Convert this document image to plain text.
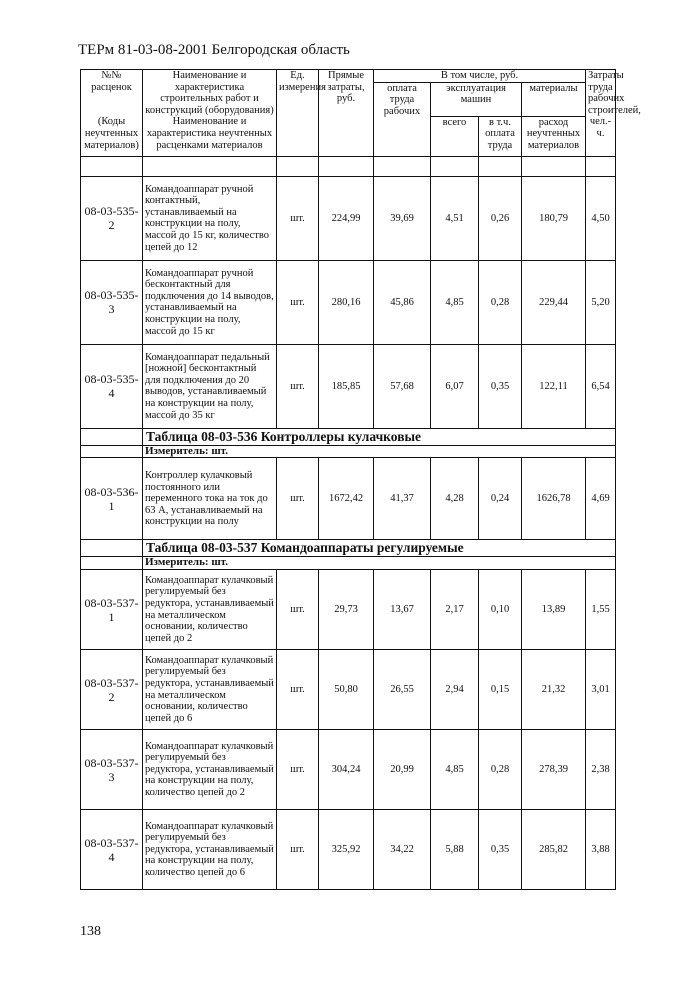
ТЕРм 81-03-08-2001 Белгородская область
№№ расценок	Наименование и характеристика строительных работ и конструкций (оборудования)	Ед. измерения	Прямые затраты, руб.	В том числе, руб.				Затраты труда рабочих строителей, чел.-ч.
				оплата труда рабочих	эксплуатация машин		материалы	
(Коды неучтенных материалов)	Наименование и характеристика неучтенных расценками материалов				всего	в т.ч. оплата труда	расход неучтенных материалов	

08-03-535-2	Командоаппарат ручной контактный, устанавливаемый на конструкции на полу, массой до 15 кг, количество цепей до 12	шт.	224,99	39,69	4,51	0,26	180,79	4,50
08-03-535-3	Командоаппарат ручной бесконтактный для подключения до 14 выводов, устанавливаемый на конструкции на полу, массой до 15 кг	шт.	280,16	45,86	4,85	0,28	229,44	5,20
08-03-535-4	Командоаппарат педальный [ножной] бесконтактный для подключения до 20 выводов, устанавливаемый на конструкции на полу, массой до 35 кг	шт.	185,85	57,68	6,07	0,35	122,11	6,54
	Таблица 08-03-536 Контроллеры кулачковые							
	Измеритель: шт.							
08-03-536-1	Контроллер кулачковый постоянного или переменного тока на ток до 63 А, устанавливаемый на конструкции на полу	шт.	1672,42	41,37	4,28	0,24	1626,78	4,69
	Таблица 08-03-537 Командоаппараты регулируемые							
	Измеритель: шт.							
08-03-537-1	Командоаппарат кулачковый регулируемый без редуктора, устанавливаемый на металлическом основании, количество цепей до 2	шт.	29,73	13,67	2,17	0,10	13,89	1,55
08-03-537-2	Командоаппарат кулачковый регулируемый без редуктора, устанавливаемый на металлическом основании, количество цепей до 6	шт.	50,80	26,55	2,94	0,15	21,32	3,01
08-03-537-3	Командоаппарат кулачковый регулируемый без редуктора, устанавливаемый на конструкции на полу, количество цепей до 2	шт.	304,24	20,99	4,85	0,28	278,39	2,38
08-03-537-4	Командоаппарат кулачковый регулируемый без редуктора, устанавливаемый на конструкции на полу, количество цепей до 6	шт.	325,92	34,22	5,88	0,35	285,82	3,88
138
